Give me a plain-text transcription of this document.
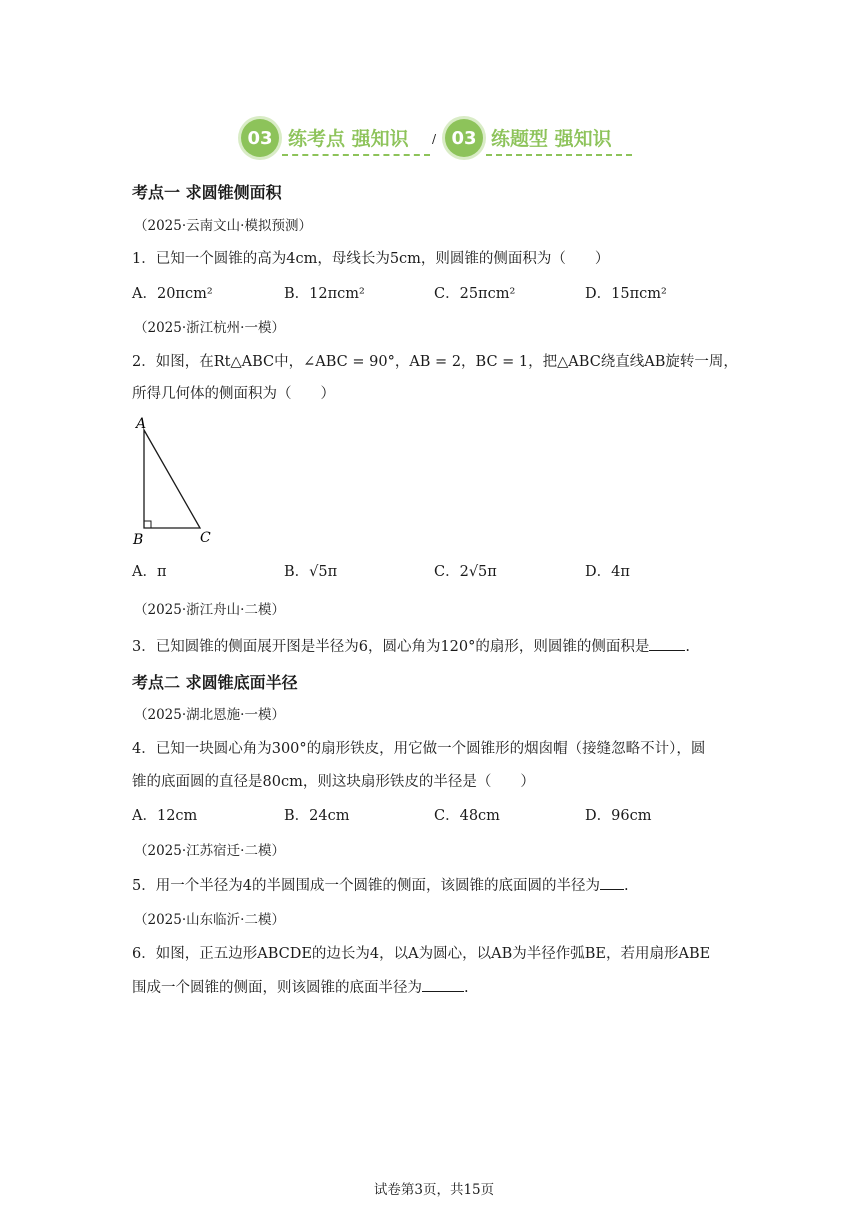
03 练考点 强知识 / 03 练题型 强知识
考点一 求圆锥侧面积
（2025·云南文山·模拟预测）
1．已知一个圆锥的高为4cm，母线长为5cm，则圆锥的侧面积为（　　）
A．20πcm²	B．12πcm²	C．25πcm²	D．15πcm²
（2025·浙江杭州·一模）
2．如图，在Rt△ABC中，∠ABC = 90°，AB = 2，BC = 1，把△ABC绕直线AB旋转一周，
所得几何体的侧面积为（　　）
A
B	C
A．π	B．√5π	C．2√5π	D．4π
（2025·浙江舟山·二模）
3．已知圆锥的侧面展开图是半径为6，圆心角为120°的扇形，则圆锥的侧面积是 .
考点二 求圆锥底面半径
（2025·湖北恩施·一模）
4．已知一块圆心角为300°的扇形铁皮，用它做一个圆锥形的烟囱帽（接缝忽略不计），圆
锥的底面圆的直径是80cm，则这块扇形铁皮的半径是（　　）
A．12cm	B．24cm	C．48cm	D．96cm
（2025·江苏宿迁·二模）
5．用一个半径为4的半圆围成一个圆锥的侧面，该圆锥的底面圆的半径为 .
（2025·山东临沂·二模）
6．如图，正五边形ABCDE的边长为4，以A为圆心，以AB为半径作弧BE，若用扇形ABE
围成一个圆锥的侧面，则该圆锥的底面半径为	.
试卷第3页，共15页
